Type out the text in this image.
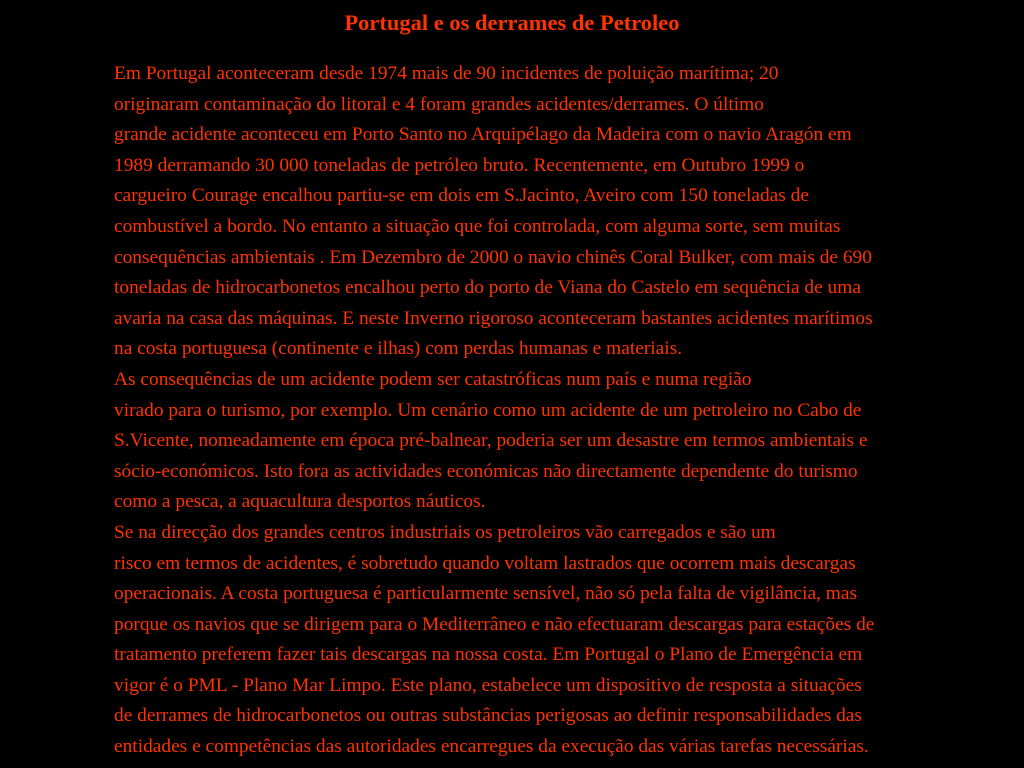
Portugal e os derrames de Petroleo

Em Portugal aconteceram desde 1974 mais de 90 incidentes de poluição marítima; 20
originaram contaminação do litoral e 4 foram grandes acidentes/derrames. O último
grande acidente aconteceu em Porto Santo no Arquipélago da Madeira com o navio Aragón em
1989 derramando 30 000 toneladas de petróleo bruto. Recentemente, em Outubro 1999 o
cargueiro Courage encalhou partiu-se em dois em S.Jacinto, Aveiro com 150 toneladas de
combustível a bordo. No entanto a situação que foi controlada, com alguma sorte, sem muitas
consequências ambientais . Em Dezembro de 2000 o navio chinês Coral Bulker, com mais de 690
toneladas de hidrocarbonetos encalhou perto do porto de Viana do Castelo em sequência de uma
avaria na casa das máquinas. E neste Inverno rigoroso aconteceram bastantes acidentes marítimos
na costa portuguesa (continente e ilhas) com perdas humanas e materiais.

As consequências de um acidente podem ser catastróficas num país e numa região
virado para o turismo, por exemplo. Um cenário como um acidente de um petroleiro no Cabo de
S.Vicente, nomeadamente em época pré-balnear, poderia ser um desastre em termos ambientais e
sócio-económicos. Isto fora as actividades económicas não directamente dependente do turismo
como a pesca, a aquacultura desportos náuticos.

Se na direcção dos grandes centros industriais os petroleiros vão carregados e são um
risco em termos de acidentes, é sobretudo quando voltam lastrados que ocorrem mais descargas
operacionais. A costa portuguesa é particularmente sensível, não só pela falta de vigilância, mas
porque os navios que se dirigem para o Mediterrâneo e não efectuaram descargas para estações de
tratamento preferem fazer tais descargas na nossa costa. Em Portugal o Plano de Emergência em
vigor é o PML - Plano Mar Limpo. Este plano, estabelece um dispositivo de resposta a situações
de derrames de hidrocarbonetos ou outras substâncias perigosas ao definir responsabilidades das
entidades e competências das autoridades encarregues da execução das várias tarefas necessárias.
